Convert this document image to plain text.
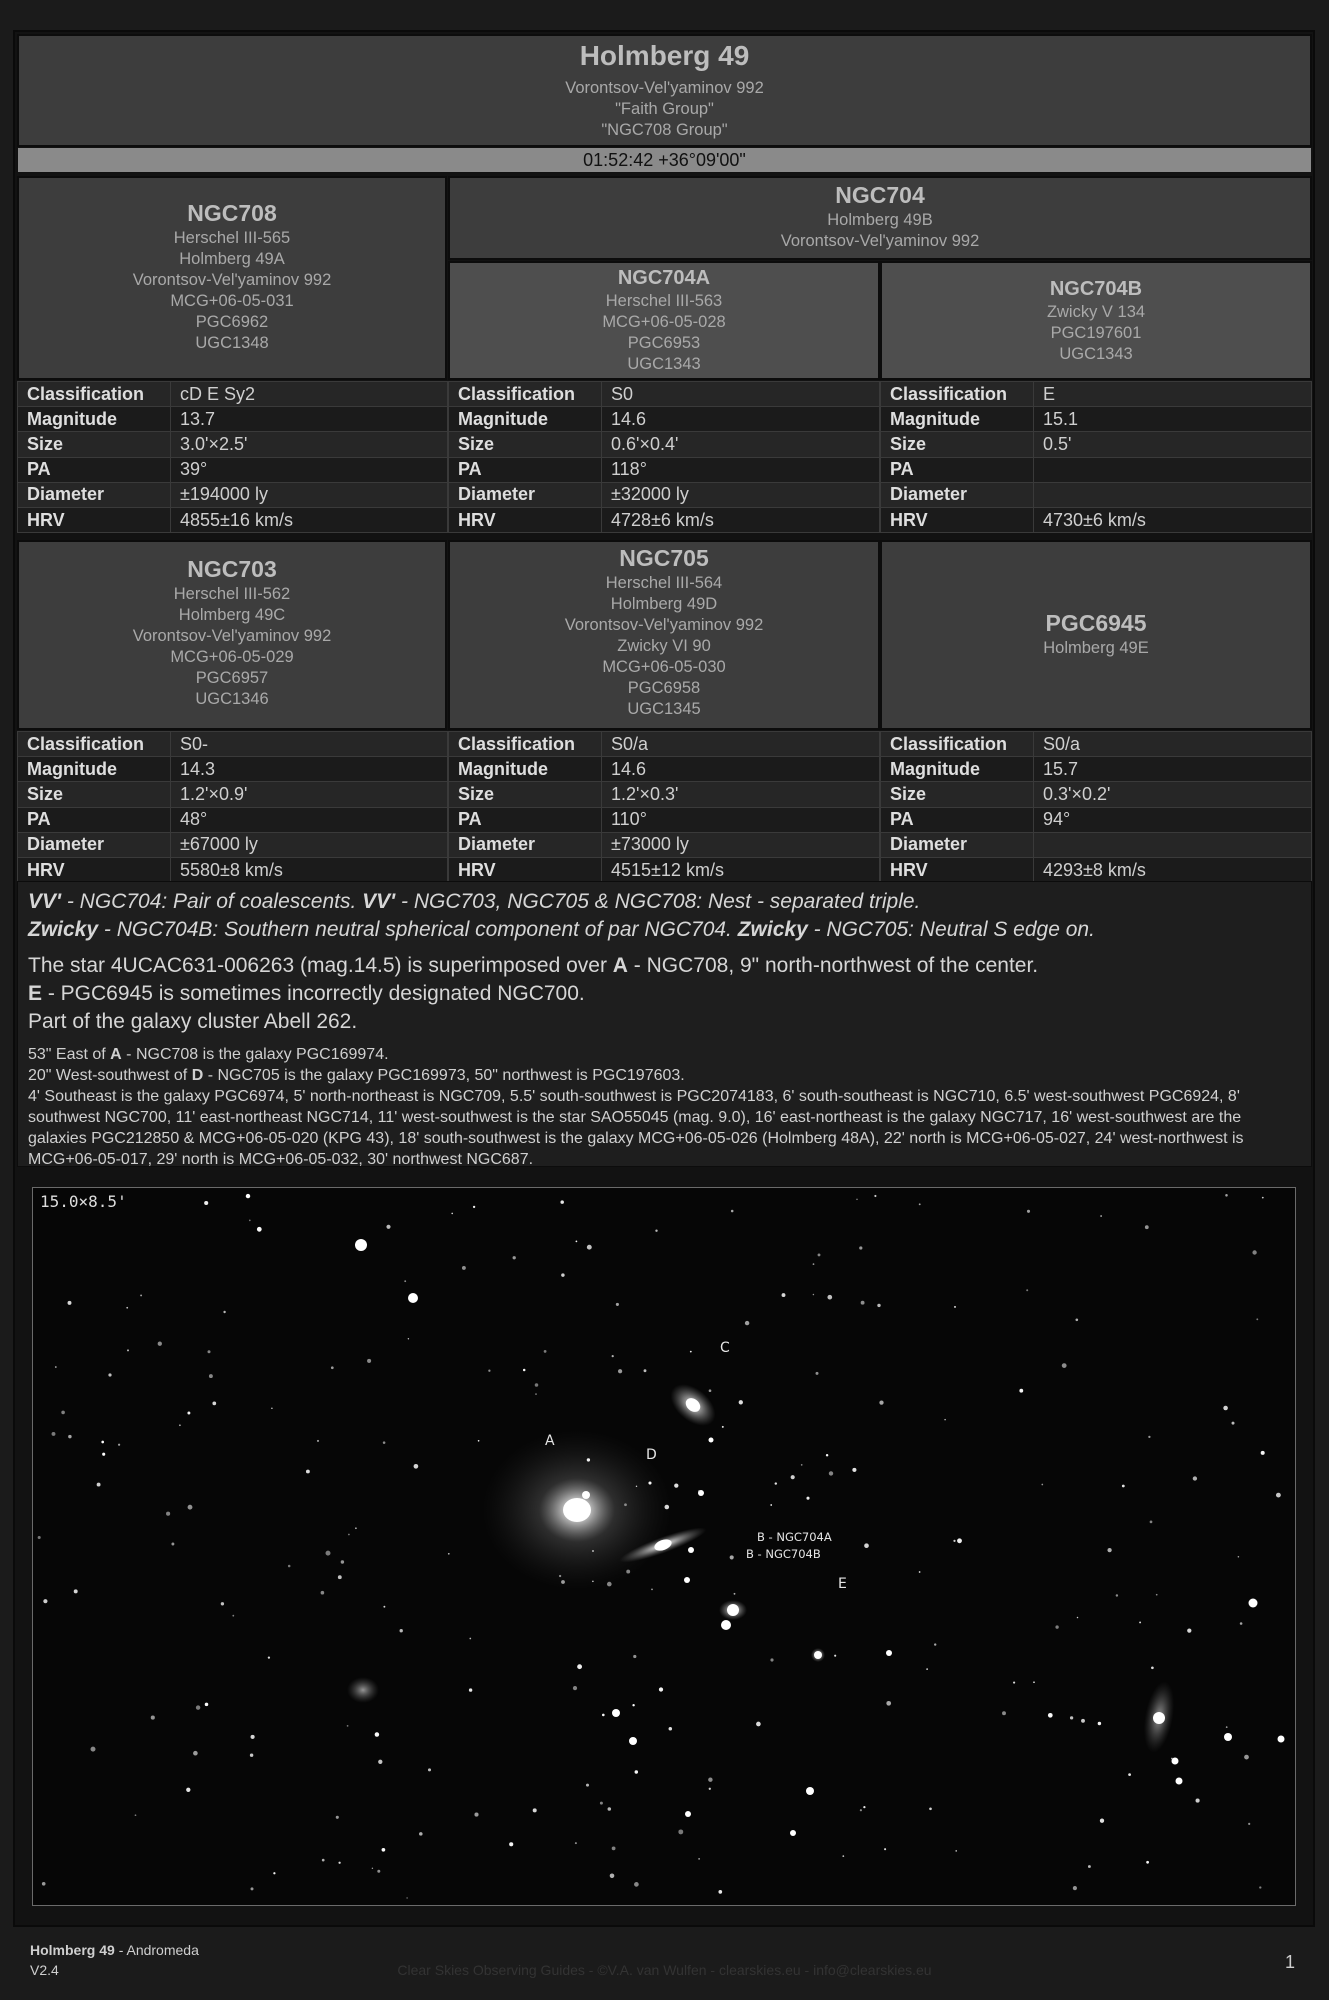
Holmberg 49
Vorontsov-Vel'yaminov 992
"Faith Group"
"NGC708 Group"
01:52:42 +36°09'00"
NGC708
Herschel III-565
Holmberg 49A
Vorontsov-Vel'yaminov 992
MCG+06-05-031
PGC6962
UGC1348
NGC704
Holmberg 49B
Vorontsov-Vel'yaminov 992
NGC704A
Herschel III-563
MCG+06-05-028
PGC6953
UGC1343
NGC704B
Zwicky V 134
PGC197601
UGC1343
Classification	cD E Sy2
Magnitude	13.7
Size	3.0'×2.5'
PA	39°
Diameter	±194000 ly
HRV	4855±16 km/s
Classification	S0
Magnitude	14.6
Size	0.6'×0.4'
PA	118°
Diameter	±32000 ly
HRV	4728±6 km/s
Classification	E
Magnitude	15.1
Size	0.5'
PA	
Diameter	
HRV	4730±6 km/s
NGC703
Herschel III-562
Holmberg 49C
Vorontsov-Vel'yaminov 992
MCG+06-05-029
PGC6957
UGC1346
NGC705
Herschel III-564
Holmberg 49D
Vorontsov-Vel'yaminov 992
Zwicky VI 90
MCG+06-05-030
PGC6958
UGC1345
PGC6945
Holmberg 49E
Classification	S0-
Magnitude	14.3
Size	1.2'×0.9'
PA	48°
Diameter	±67000 ly
HRV	5580±8 km/s
Classification	S0/a
Magnitude	14.6
Size	1.2'×0.3'
PA	110°
Diameter	±73000 ly
HRV	4515±12 km/s
Classification	S0/a
Magnitude	15.7
Size	0.3'×0.2'
PA	94°
Diameter	
HRV	4293±8 km/s
VV' - NGC704: Pair of coalescents. VV' - NGC703, NGC705 & NGC708: Nest - separated triple.
Zwicky - NGC704B: Southern neutral spherical component of par NGC704. Zwicky - NGC705: Neutral S edge on.
The star 4UCAC631-006263 (mag.14.5) is superimposed over A - NGC708, 9" north-northwest of the center.
E - PGC6945 is sometimes incorrectly designated NGC700.
Part of the galaxy cluster Abell 262.
53" East of A - NGC708 is the galaxy PGC169974.
20" West-southwest of D - NGC705 is the galaxy PGC169973, 50" northwest is PGC197603.
4' Southeast is the galaxy PGC6974, 5' north-northeast is NGC709, 5.5' south-southwest is PGC2074183, 6' south-southeast is NGC710, 6.5' west-southwest PGC6924, 8' southwest NGC700, 11' east-northeast NGC714, 11' west-southwest is the star SAO55045 (mag. 9.0), 16' east-northeast is the galaxy NGC717, 16' west-southwest are the galaxies PGC212850 & MCG+06-05-020 (KPG 43), 18' south-southwest is the galaxy MCG+06-05-026 (Holmberg 48A), 22' north is MCG+06-05-027, 24' west-northwest is MCG+06-05-017, 29' north is MCG+06-05-032, 30' northwest NGC687.
A
C
D
B - NGC704A
B - NGC704B
E
15.0×8.5'
Holmberg 49 - Andromeda
V2.4	Clear Skies Observing Guides - ©V.A. van Wulfen - clearskies.eu - info@clearskies.eu	1
